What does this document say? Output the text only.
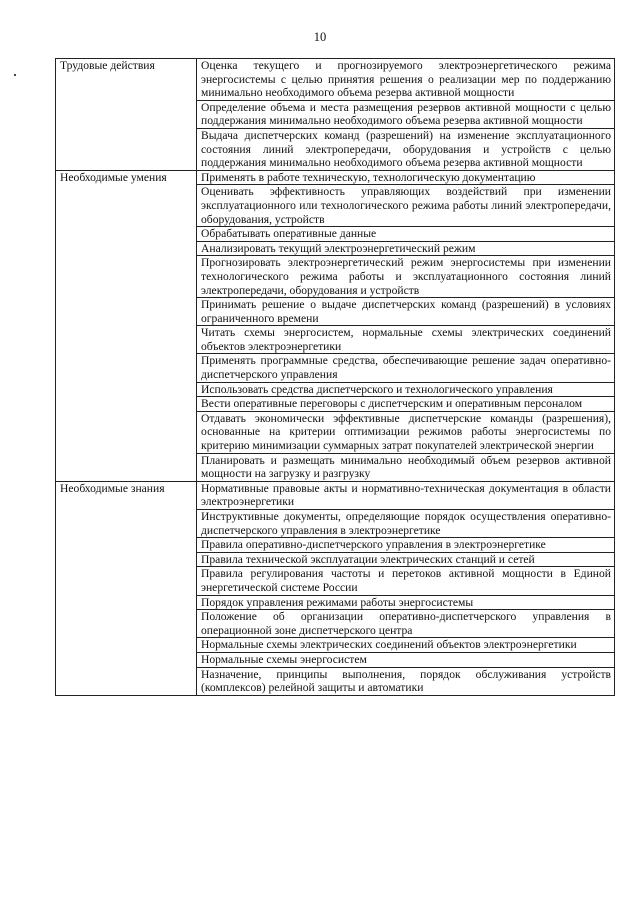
10
Трудовые действия	Оценка текущего и прогнозируемого электроэнергетического режима энергосистемы с целью принятия решения о реализации мер по поддержанию минимально необходимого объема резерва активной мощности
	Определение объема и места размещения резервов активной мощности с целью поддержания минимально необходимого объема резерва активной мощности
	Выдача диспетчерских команд (разрешений) на изменение эксплуатационного состояния линий электропередачи, оборудования и устройств с целью поддержания минимально необходимого объема резерва активной мощности
Необходимые умения	Применять в работе техническую, технологическую документацию
	Оценивать эффективность управляющих воздействий при изменении эксплуатационного или технологического режима работы линий электропередачи, оборудования, устройств
	Обрабатывать оперативные данные
	Анализировать текущий электроэнергетический режим
	Прогнозировать электроэнергетический режим энергосистемы при изменении технологического режима работы и эксплуатационного состояния линий электропередачи, оборудования и устройств
	Принимать решение о выдаче диспетчерских команд (разрешений) в условиях ограниченного времени
	Читать схемы энергосистем, нормальные схемы электрических соединений объектов электроэнергетики
	Применять программные средства, обеспечивающие решение задач оперативно-диспетчерского управления
	Использовать средства диспетчерского и технологического управления
	Вести оперативные переговоры с диспетчерским и оперативным персоналом
	Отдавать экономически эффективные диспетчерские команды (разрешения), основанные на критерии оптимизации режимов работы энергосистемы по критерию минимизации суммарных затрат покупателей электрической энергии
	Планировать и размещать минимально необходимый объем резервов активной мощности на загрузку и разгрузку
Необходимые знания	Нормативные правовые акты и нормативно-техническая документация в области электроэнергетики
	Инструктивные документы, определяющие порядок осуществления оперативно-диспетчерского управления в электроэнергетике
	Правила оперативно-диспетчерского управления в электроэнергетике
	Правила технической эксплуатации электрических станций и сетей
	Правила регулирования частоты и перетоков активной мощности в Единой энергетической системе России
	Порядок управления режимами работы энергосистемы
	Положение об организации оперативно-диспетчерского управления в операционной зоне диспетчерского центра
	Нормальные схемы электрических соединений объектов электроэнергетики
	Нормальные схемы энергосистем
	Назначение, принципы выполнения, порядок обслуживания устройств (комплексов) релейной защиты и автоматики
